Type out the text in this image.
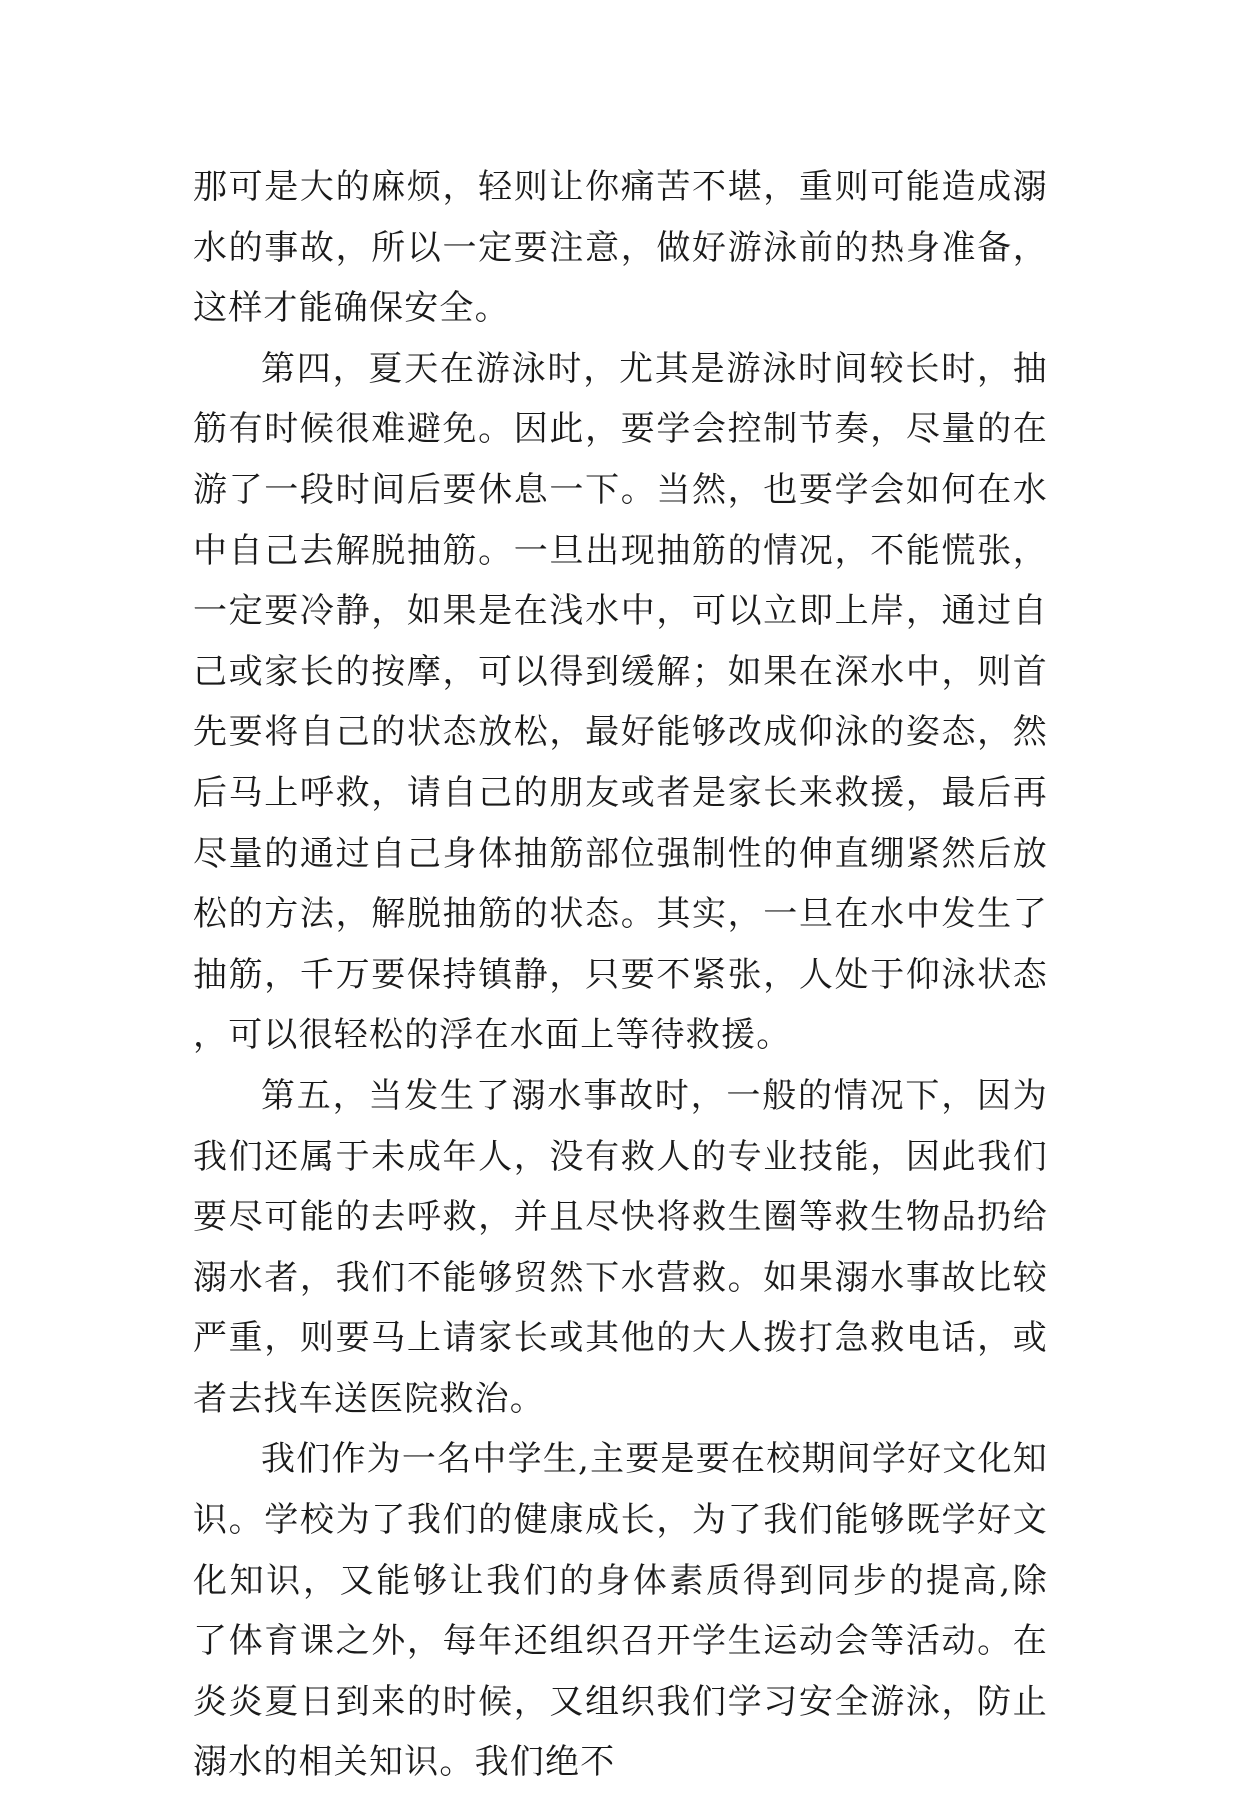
那可是大的麻烦，轻则让你痛苦不堪，重则可能造成溺水的事故，所以一定要注意，做好游泳前的热身准备，这样才能确保安全。

第四，夏天在游泳时，尤其是游泳时间较长时，抽筋有时候很难避免。因此，要学会控制节奏，尽量的在游了一段时间后要休息一下。当然，也要学会如何在水中自己去解脱抽筋。一旦出现抽筋的情况，不能慌张，一定要冷静，如果是在浅水中，可以立即上岸，通过自己或家长的按摩，可以得到缓解；如果在深水中，则首先要将自己的状态放松，最好能够改成仰泳的姿态，然后马上呼救，请自己的朋友或者是家长来救援，最后再尽量的通过自己身体抽筋部位强制性的伸直绷紧然后放松的方法，解脱抽筋的状态。其实，一旦在水中发生了抽筋，千万要保持镇静，只要不紧张，人处于仰泳状态，可以很轻松的浮在水面上等待救援。

第五，当发生了溺水事故时，一般的情况下，因为我们还属于未成年人，没有救人的专业技能，因此我们要尽可能的去呼救，并且尽快将救生圈等救生物品扔给溺水者，我们不能够贸然下水营救。如果溺水事故比较严重，则要马上请家长或其他的大人拨打急救电话，或者去找车送医院救治。

我们作为一名中学生,主要是要在校期间学好文化知识。学校为了我们的健康成长，为了我们能够既学好文化知识，又能够让我们的身体素质得到同步的提高,除了体育课之外，每年还组织召开学生运动会等活动。在炎炎夏日到来的时候，又组织我们学习安全游泳，防止溺水的相关知识。我们绝不
